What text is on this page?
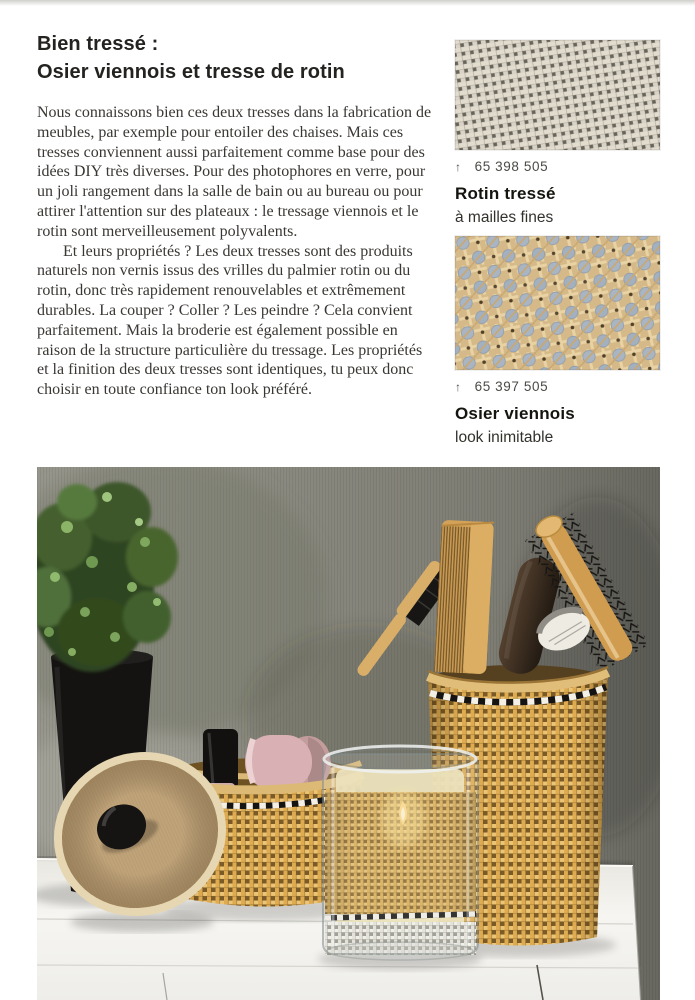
Bien tressé :
Osier viennois et tresse de rotin

Nous connaissons bien ces deux tresses dans la fabrication de meubles, par exemple pour entoiler des chaises. Mais ces tresses conviennent aussi parfaitement comme base pour des idées DIY très diverses. Pour des photophores en verre, pour un joli rangement dans la salle de bain ou au bureau ou pour attirer l'attention sur des plateaux : le tressage viennois et le rotin sont merveilleusement polyvalents.

Et leurs propriétés ? Les deux tresses sont des produits naturels non vernis issus des vrilles du palmier rotin ou du rotin, donc très rapidement renouvelables et extrêmement durables. La couper ? Coller ? Les peindre ? Cela convient parfaitement. Mais la broderie est également possible en raison de la structure particulière du tressage. Les propriétés et la finition des deux tresses sont identiques, tu peux donc choisir en toute confiance ton look préféré.

↑ 65 398 505
Rotin tressé
à mailles fines
↑ 65 397 505
Osier viennois
look inimitable
